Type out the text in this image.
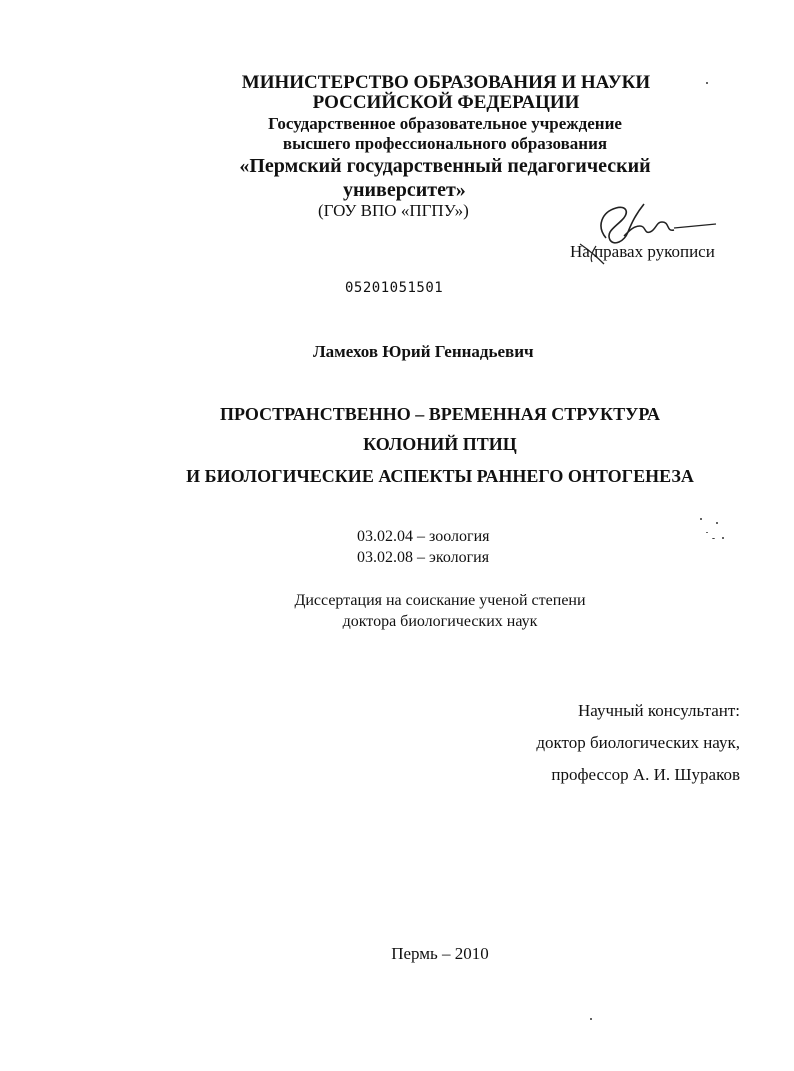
МИНИСТЕРСТВО ОБРАЗОВАНИЯ И НАУКИ
РОССИЙСКОЙ ФЕДЕРАЦИИ
Государственное образовательное учреждение
высшего профессионального образования
«Пермский государственный педагогический
университет»
(ГОУ ВПО «ПГПУ»)
На правах рукописи
05201051501
Ламехов Юрий Геннадьевич
ПРОСТРАНСТВЕННО – ВРЕМЕННАЯ СТРУКТУРА
КОЛОНИЙ ПТИЦ
И БИОЛОГИЧЕСКИЕ АСПЕКТЫ РАННЕГО ОНТОГЕНЕЗА
03.02.04 – зоология
03.02.08 – экология
Диссертация на соискание ученой степени
доктора биологических наук
Научный консультант:
доктор биологических наук,
профессор А. И. Шураков
Пермь – 2010
